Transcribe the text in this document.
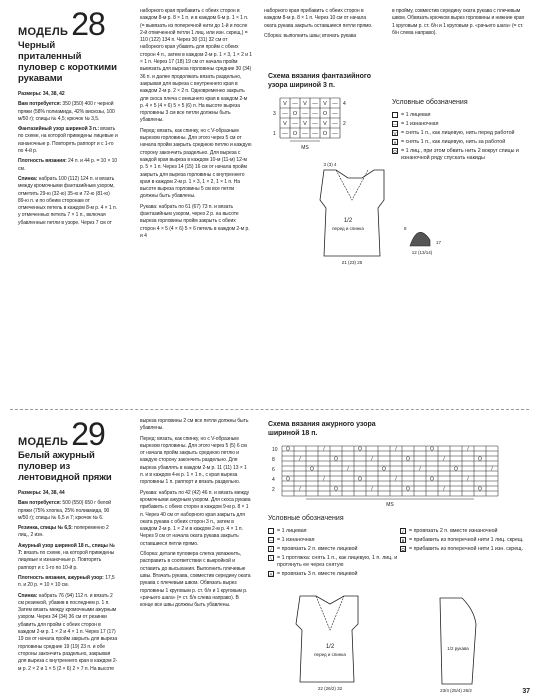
МОДЕЛЬ 28
Черный приталенный пуловер с короткими рукавами

Размеры: 34, 38, 42

Вам потребуется: 350 (350) 400 г черной пряжи (58% полиамида, 42% вискозы, 100 м/50 г); спицы № 4,5; крючок № 3,5.

Фантазийный узор шириной 3 п.: вязать по схеме, на которой приведены лицевые и изнаночные р. Повторять раппорт и с 1-го по 4-й р.

Плотность вязания: 24 п. и 44 р. = 10 × 10 см.

Спинка: набрать 100 (112) 124 п. и вязать между кромочными фантазийным узором, отметить 29-ю (32-ю) 35-ю и 72-ю (81-ю) 89-ю п. и по обеим сторонам от отмеченных петель в каждом 8-м р. 4 × 1 п. у отмеченных петель 7 × 1 п., включая убавленные петли в узоре. Через 7 см от

наборного края прибавить с обеих сторон в каждом 8-м р. 8 × 1 п. и в каждом 6-м р. 1 × 1 п. (= вывязать из поперечной нити до 1-й и после 2-й отмеченной петли 1 лиц. или изн. скрещ.) = 110 (122) 134 п. Через 30 (31) 32 см от наборного края убавить для пройм с обеих сторон 4 п., затем в каждом 2-м р. 1 × 3, 1 × 2 и 1 × 1 п. Через 17 (18) 19 см от начала пройм вывязать для выреза горловины средние 30 (34) 36 п. и далее продолжать вязать раздельно, закрывая для выреза с внутреннего края в каждом 2-м р. 2 × 2 п. Одновременно закрыть для скоса плеча с внешнего края в каждом 2-м р. 4 × 5 (4 × 6) 5 × 5 (6) п. На высоте выреза горловины 3 см все петли должны быть убавлены.

Перед: вязать, как спинку, но с V-образным вырезом горловины. Для этого через 5 см от начала пройм закрыть среднюю петлю и каждую сторону закончить раздельно. Для выреза с каждой края выреза в каждом 10-м (11-м) 12-м р. 5 × 1 п. Через 14 (15) 16 см от начала пройм закрыть для выреза горловины с внутреннего края в каждом 2-м р. 1 × 3, 1 × 2, 1 × 1 п. На высоте выреза горловины 5 см все петли должны быть убавлены.

Рукава: набрать по 61 (67) 73 п. и вязать фантазийным узором, через 2 р. на высоте выреза горловины пройм закрыть с обеих сторон 4 × 5 (4 × 6) 5 × 6 петель в каждом 2-м р. и 4

наборного края прибавить с обеих сторон в каждом 8-м р. 8 × 1 п. Через 10 см от начала оката рукава закрыть оставшиеся петли прямо.

Сборка: выполнить швы; втачать рукава

в пройму, совместив середину оката рукава с плечевым швом. Обвязать крючком вырез горловины и нижние края 1 круговым р. ст. б/н и 1 круговым р. «рачьего шага» (= ст. б/н слева направо).
Схема вязания фантазийного узора шириной 3 п.
Условные обозначения
= 1 лицевая
— = 1 изнаночная
V = снять 1 п., как лицевую, нить перед работой
∨ = снять 1 п., как лицевую, нить за работой
O = 1 лиц., при этом обвить нить 2 вокруг спицы и изнаночной ряду спускать накиды
V — V — V —
— O — — O —
V — V — V —
— O — — O —
4
2
3
1
MS
1/2
перед и спинка
21 (23) 25
3 (3) 4
17
12 (13/14)
8
МОДЕЛЬ 29
Белый ажурный пуловер из лентовидной пряжи

Размеры: 34, 38, 44

Вам потребуется: 500 (550) 650 г белой пряжи (75% хлопка, 25% полиамида, 90 м/50 г); спицы № 6,5 и 7; крючок № 6.

Резинка, спицы № 6,5: попеременно 2 лиц., 2 изн.

Ажурный узор шириной 18 п., спицы № 7: вязать по схеме, на которой приведены лицевые и изнаночные р. Повторять раппорт и с 1-го по 10-й р.

Плотность вязания, ажурный узор: 17,5 п. и 20 р. = 10 × 10 см.

Спинка: набрать 76 (94) 112 п. и вязать 2 см резинкой, убавив в последнем р. 1 п. Затем вязать между кромочными ажурным узором. Через 34 (34) 36 см от резинки убавить для пройм с обеих сторон в каждом 2-м р. 1 × 2 и 4 × 1 п. Через 17 (17) 19 см от начала пройм закрыть для выреза горловины средние 19 (19) 23 п. и обе стороны закончить раздельно, закрывая для выреза с внутреннего края в каждом 2-м р. 2 × 2 и 1 × 5 (2 × 6) 2 × 7 п. На высоте

выреза горловины 2 см все петли должны быть убавлены.

Перед: вязать, как спинку, но с V-образным вырезом горловины. Для этого через 5 (5) 6 см от начала пройм закрыть среднюю петлю и каждую сторону закончить раздельно. Для выреза убавлять в каждом 2-м р. 11 (11) 13 × 1 п. и в каждом 4-м р. 1 × 1 п., с края выреза горловины 1 п. раппорт и вязать раздельно.

Рукава: набрать по 42 (42) 46 п. и вязать между кромочными ажурным узором. Для скоса рукава прибавить с обеих сторон в каждом 9-м р. 8 × 1 п. Через 40 см от наборного края закрыть для оката рукава с обеих сторон 3 п., затем в каждом 2-м р. 1 × 2 и в каждом 2-м р. 4 × 1 п. Через 9 см от начала оката рукава закрыть оставшиеся петли прямо.

Сборка: детали пуловера слегка увлажнить, расправить в соответствии с выкройкой и оставить до высыхания. Выполнить плечевые швы. Втачать рукава, совместив середину оката рукава с плечевым швом. Обвязать вырез горловины 1 круговым р. ст. б/н и 1 круговым р. «рачьего шага» (= ст. б/н слева направо). В конце все швы должны быть убавлены.

Схема вязания ажурного узора шириной 18 п.
O	/	O	/	O	/
/	O	/	O	/	O
O	/	O	/	O	/
O	/	O	/	O	/
/	O	/	O	/	O
10
8
6
4
2
MS
Условные обозначения
= 1 лицевая
— = 1 изнаночная
/	= провязать 2 п. вместе лицевой
\	= 1 протяжка: снять 1 п., как лицевую, 1 п. лиц. и протянуть ее через снятую
Λ = провязать 3 п. вместе лицевой
/	= провязать 2 п. вместе изнаночной
ϕ = прибавить из поперечной нити 1 лиц. скрещ.
Ω = прибавить из поперечной нити 1 изн. скрещ.
1/2
перед и спинка
22 (26/2) 32
1/2 рукава
23/4 (25/4) 26/2	37
